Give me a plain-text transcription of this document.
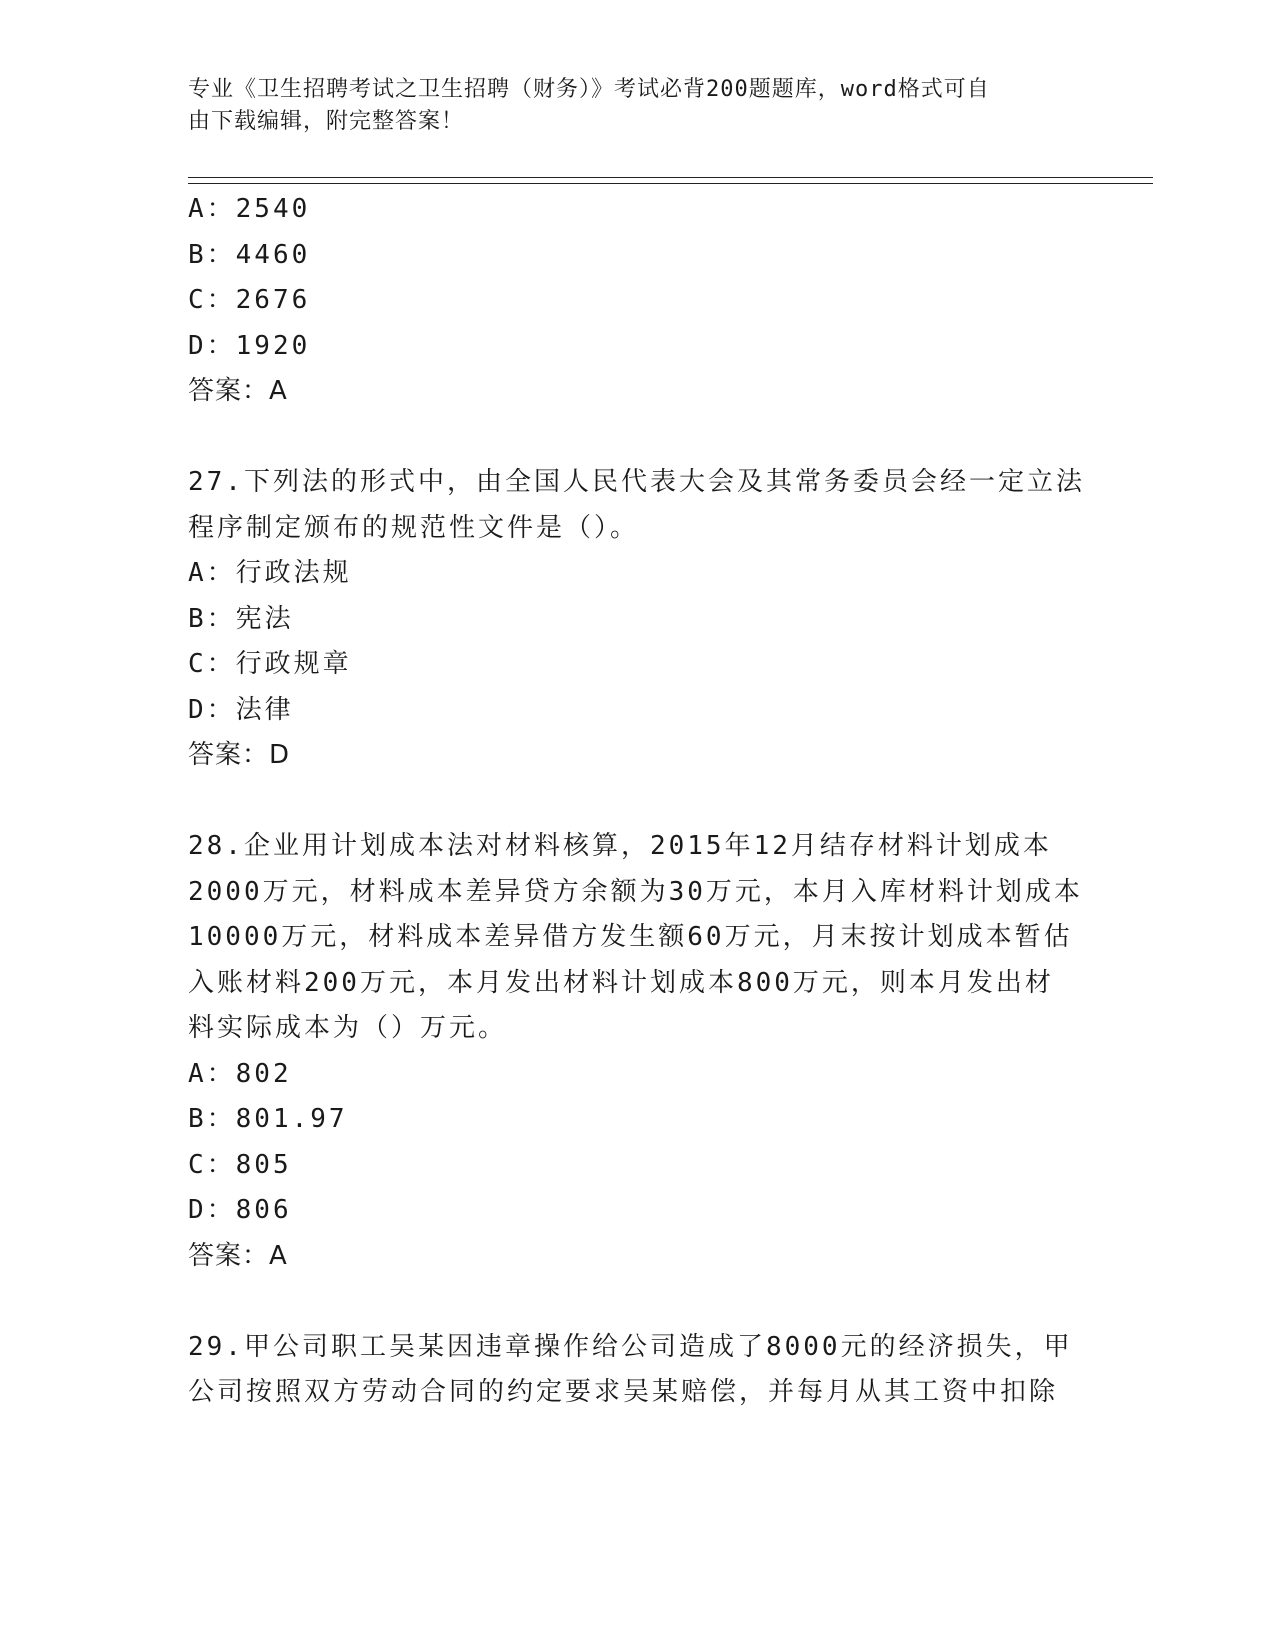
专业《卫生招聘考试之卫生招聘（财务）》考试必背200题题库，word格式可自
由下载编辑，附完整答案！
A：2540
B：4460
C：2676
D：1920
答案：A
27.下列法的形式中，由全国人民代表大会及其常务委员会经一定立法
程序制定颁布的规范性文件是（）。
A：行政法规
B：宪法
C：行政规章
D：法律
答案：D
28.企业用计划成本法对材料核算，2015年12月结存材料计划成本
2000万元，材料成本差异贷方余额为30万元，本月入库材料计划成本
10000万元，材料成本差异借方发生额60万元，月末按计划成本暂估
入账材料200万元，本月发出材料计划成本800万元，则本月发出材
料实际成本为（）万元。
A：802
B：801.97
C：805
D：806
答案：A
29.甲公司职工吴某因违章操作给公司造成了8000元的经济损失，甲
公司按照双方劳动合同的约定要求吴某赔偿，并每月从其工资中扣除
